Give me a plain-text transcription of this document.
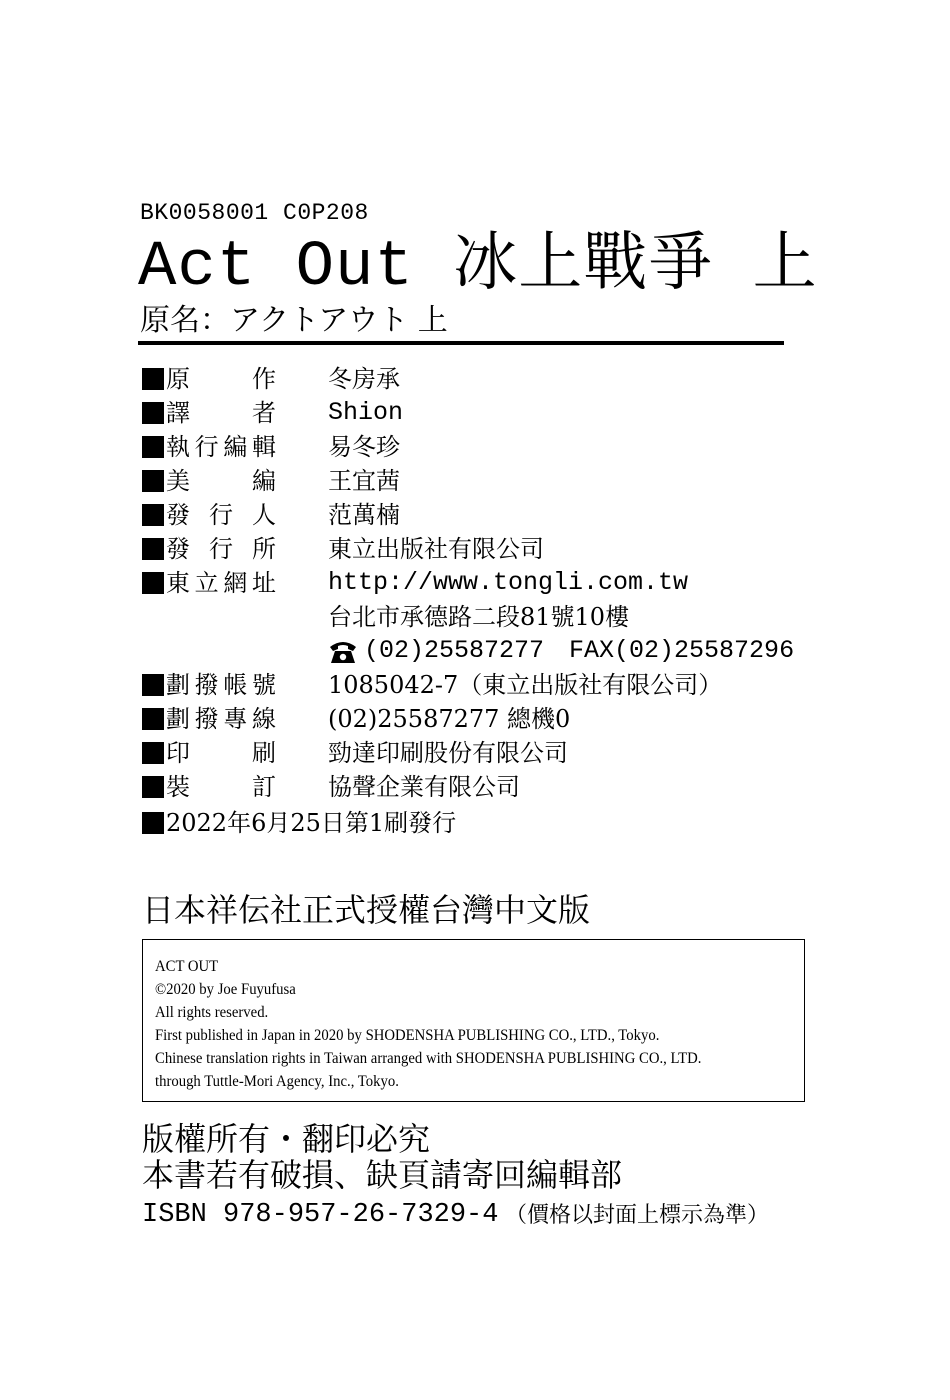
BK0058001 C0P208
Act Out 冰上戰爭 上
原名：アクトアウト 上
原作 冬房承
譯者 Shion
執行編輯 易冬珍
美編 王宜茜
發行人 范萬楠
發行所 東立出版社有限公司
東立網址 http://www.tongli.com.tw
台北市承德路二段81號10樓
(02)25587277　FAX(02)25587296
劃撥帳號 1085042-7（東立出版社有限公司）
劃撥專線 (02)25587277 總機0
印刷 勁達印刷股份有限公司
裝訂 協聲企業有限公司
2022年6月25日第1刷發行
日本祥伝社正式授權台灣中文版
ACT OUT
©2020 by Joe Fuyufusa
All rights reserved.
First published in Japan in 2020 by SHODENSHA PUBLISHING CO., LTD., Tokyo.
Chinese translation rights in Taiwan arranged with SHODENSHA PUBLISHING CO., LTD.
through Tuttle-Mori Agency, Inc., Tokyo.
版權所有・翻印必究
本書若有破損、缺頁請寄回編輯部
ISBN 978-957-26-7329-4 （價格以封面上標示為準）
